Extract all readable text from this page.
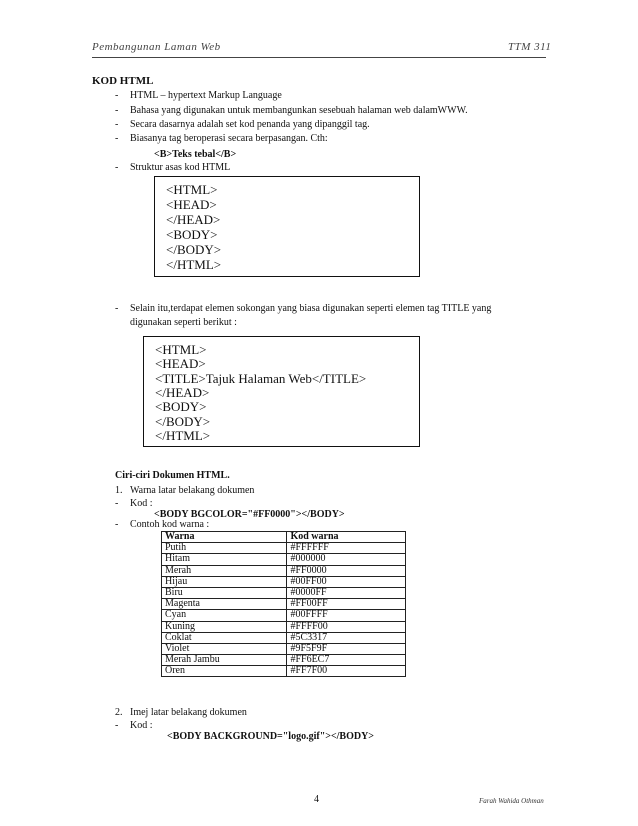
Pembangunan Laman Web	TTM 311
KOD HTML
- HTML – hypertext Markup Language
- Bahasa yang digunakan untuk membangunkan sesebuah halaman web dalamWWW.
- Secara dasarnya adalah set kod penanda yang dipanggil tag.
- Biasanya tag beroperasi secara berpasangan. Cth:
<B>Teks tebal</B>
- Struktur asas kod HTML
<HTML>
<HEAD>
</HEAD>
<BODY>
</BODY>
</HTML>
- Selain itu,terdapat elemen sokongan yang biasa digunakan seperti elemen tag TITLE yang
digunakan seperti berikut :
<HTML>
<HEAD>
<TITLE>Tajuk Halaman Web</TITLE>
</HEAD>
<BODY>
</BODY>
</HTML>
Ciri-ciri Dokumen HTML.
1. Warna latar belakang dokumen
- Kod :
<BODY BGCOLOR="#FF0000"></BODY>
- Contoh kod warna :
Warna	Kod warna
Putih	#FFFFFF
Hitam	#000000
Merah	#FF0000
Hijau	#00FF00
Biru	#0000FF
Magenta	#FF00FF
Cyan	#00FFFF
Kuning	#FFFF00
Coklat	#5C3317
Violet	#9F5F9F
Merah Jambu	#FF6EC7
Oren	#FF7F00
2. Imej latar belakang dokumen
- Kod :
<BODY BACKGROUND="logo.gif"></BODY>
4	Farah Wahida Othman
